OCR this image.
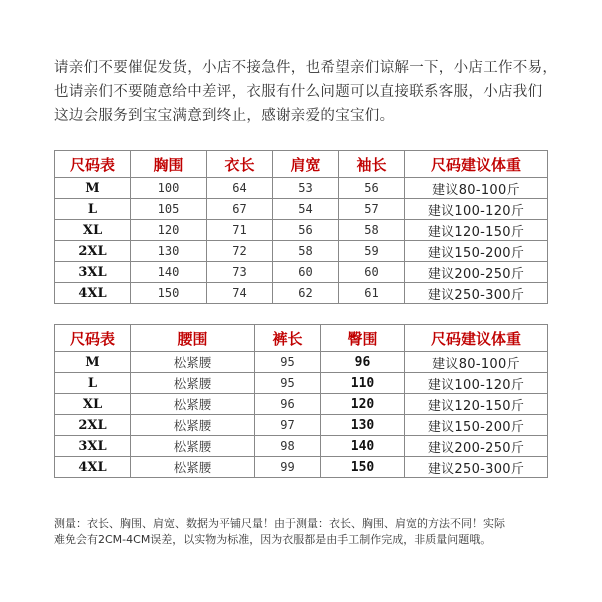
请亲们不要催促发货，小店不接急件，也希望亲们谅解一下，小店工作不易，

也请亲们不要随意给中差评，衣服有什么问题可以直接联系客服，小店我们

这边会服务到宝宝满意到终止，感谢亲爱的宝宝们。

尺码表	胸围	衣长	肩宽	袖长	尺码建议体重
M	100	64	53	56	建议80-100斤
L	105	67	54	57	建议100-120斤
XL	120	71	56	58	建议120-150斤
2XL	130	72	58	59	建议150-200斤
3XL	140	73	60	60	建议200-250斤
4XL	150	74	62	61	建议250-300斤
尺码表	腰围	裤长	臀围	尺码建议体重
M	松紧腰	95	96	建议80-100斤
L	松紧腰	95	110	建议100-120斤
XL	松紧腰	96	120	建议120-150斤
2XL	松紧腰	97	130	建议150-200斤
3XL	松紧腰	98	140	建议200-250斤
4XL	松紧腰	99	150	建议250-300斤

测量：衣长、胸围、肩宽、数据为平铺尺量！由于测量：衣长、胸围、肩宽的方法不同！实际

难免会有2CM-4CM误差，以实物为标准，因为衣服都是由手工制作完成，非质量问题哦。
